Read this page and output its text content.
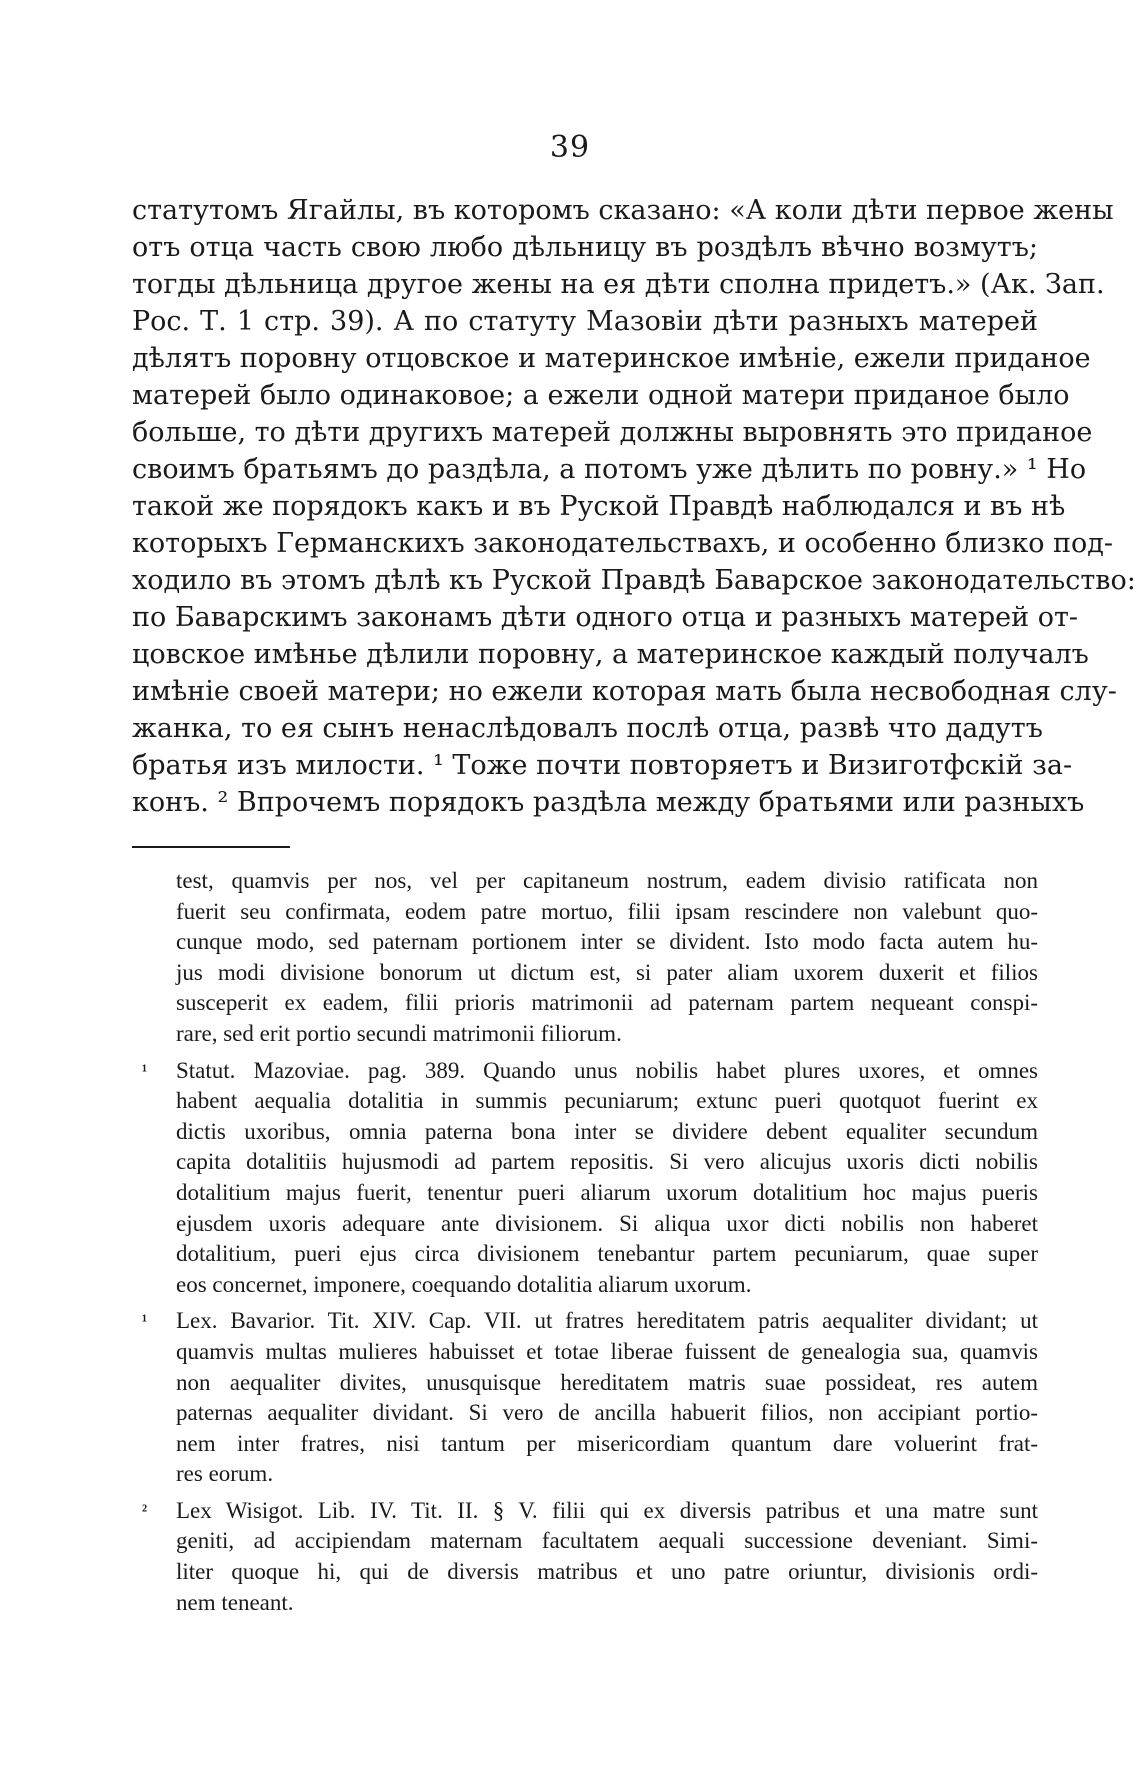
39
статутомъ Ягайлы, въ которомъ сказано: «А коли дѣти первое жены
отъ отца часть свою любо дѣльницу въ роздѣлъ вѣчно возмутъ;
тогды дѣльница другое жены на ея дѣти сполна придетъ.» (Ак. Зап.
Рос. Т. 1 стр. 39). А по статуту Мазовіи дѣти разныхъ матерей
дѣлятъ поровну отцовское и материнское имѣніе, ежели приданое
матерей было одинаковое; а ежели одной матери приданое было
больше, то дѣти другихъ матерей должны выровнять это приданое
своимъ братьямъ до раздѣла, а потомъ уже дѣлить по ровну.» ¹ Но
такой же порядокъ какъ и въ Руской Правдѣ наблюдался и въ нѣ
которыхъ Германскихъ законодательствахъ, и особенно близко под-
ходило въ этомъ дѣлѣ къ Руской Правдѣ Баварское законодательство:
по Баварскимъ законамъ дѣти одного отца и разныхъ матерей от-
цовское имѣнье дѣлили поровну, а материнское каждый получалъ
имѣніе своей матери; но ежели которая мать была несвободная слу-
жанка, то ея сынъ ненаслѣдовалъ послѣ отца, развѣ что дадутъ
братья изъ милости. ¹ Тоже почти повторяетъ и Визиготфскій за-
конъ. ² Впрочемъ порядокъ раздѣла между братьями или разныхъ
test, quamvis per nos, vel per capitaneum nostrum, eadem divisio ratificata non
fuerit seu confirmata, eodem patre mortuo, filii ipsam rescindere non valebunt quo-
cunque modo, sed paternam portionem inter se divident. Isto modo facta autem hu-
jus modi divisione bonorum ut dictum est, si pater aliam uxorem duxerit et filios
susceperit ex eadem, filii prioris matrimonii ad paternam partem nequeant conspi-
rare, sed erit portio secundi matrimonii filiorum.
¹	Statut. Mazoviae. pag. 389. Quando unus nobilis habet plures uxores, et omnes
habent aequalia dotalitia in summis pecuniarum; extunc pueri quotquot fuerint ex
dictis uxoribus, omnia paterna bona inter se dividere debent equaliter secundum
capita dotalitiis hujusmodi ad partem repositis. Si vero alicujus uxoris dicti nobilis
dotalitium majus fuerit, tenentur pueri aliarum uxorum dotalitium hoc majus pueris
ejusdem uxoris adequare ante divisionem. Si aliqua uxor dicti nobilis non haberet
dotalitium, pueri ejus circa divisionem tenebantur partem pecuniarum, quae super
eos concernet, imponere, coequando dotalitia aliarum uxorum.
¹	Lex. Bavarior. Tit. XIV. Cap. VII. ut fratres hereditatem patris aequaliter dividant; ut
quamvis multas mulieres habuisset et totae liberae fuissent de genealogia sua, quamvis
non aequaliter divites, unusquisque hereditatem matris suae possideat, res autem
paternas aequaliter dividant. Si vero de ancilla habuerit filios, non accipiant portio-
nem inter fratres, nisi tantum per misericordiam quantum dare voluerint frat-
res eorum.
²	Lex Wisigot. Lib. IV. Tit. II. § V. filii qui ex diversis patribus et una matre sunt
geniti, ad accipiendam maternam facultatem aequali successione deveniant. Simi-
liter quoque hi, qui de diversis matribus et uno patre oriuntur, divisionis ordi-
nem teneant.
